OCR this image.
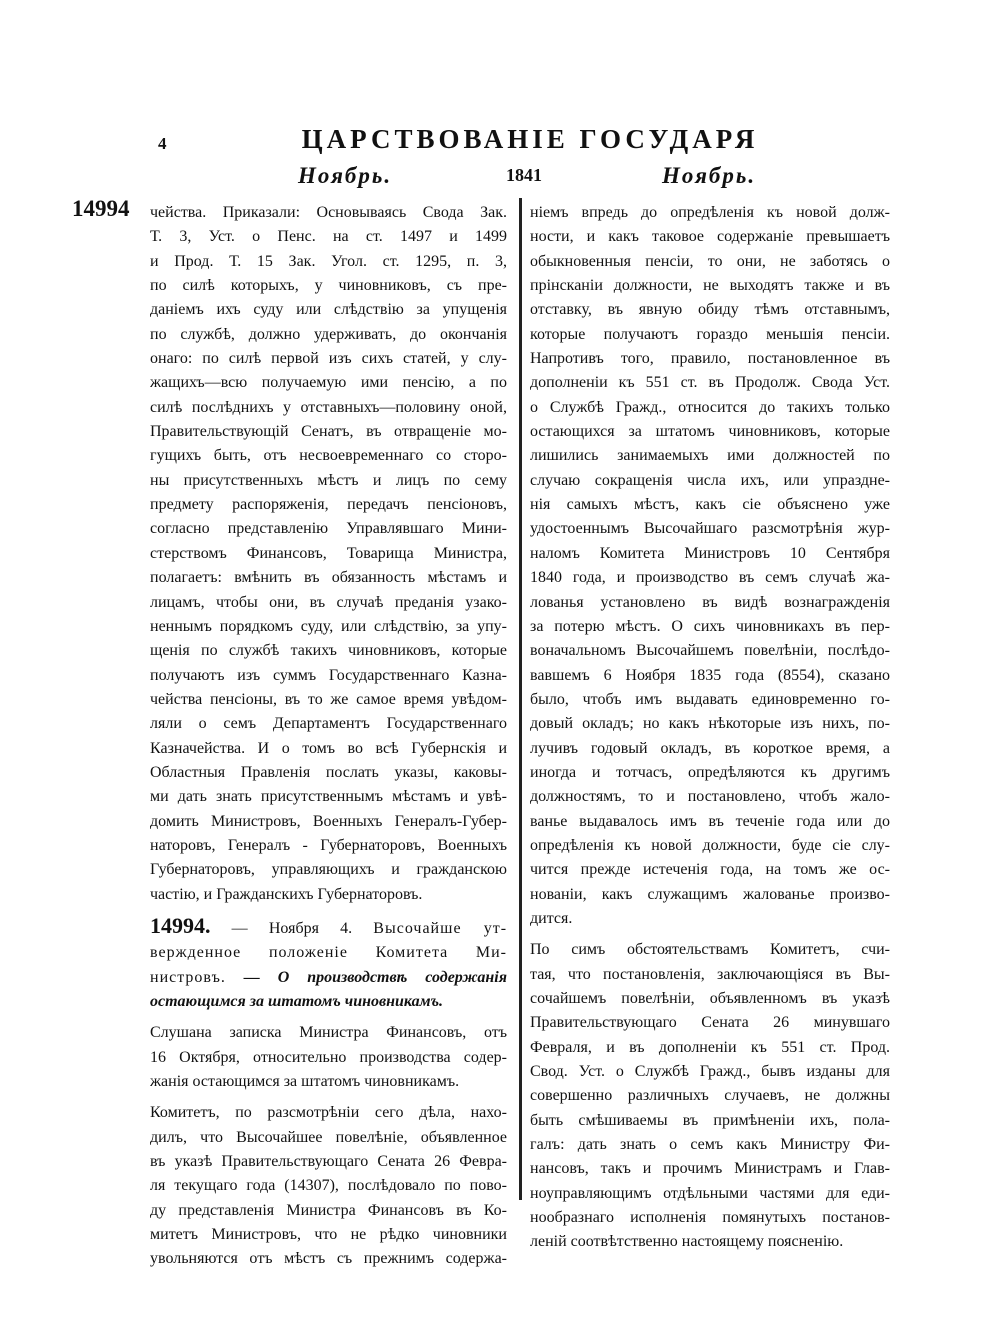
4	ЦАРСТВОВАНІЕ ГОСУДАРЯ
Ноябрь.	1841	Ноябрь.
14994 чейства. Приказали: Основываясь Свода Зак.
Т. 3, Уст. о Пенс. на ст. 1497 и 1499
и Прод. Т. 15 Зак. Угол. ст. 1295, п. 3,
по силѣ которыхъ, у чиновниковъ, съ пре-
даніемъ ихъ суду или слѣдствію за упущенія
по службѣ, должно удерживать, до окончанія
онаго: по силѣ первой изъ сихъ статей, у слу-
жащихъ—всю получаемую ими пенсію, а по
силѣ послѣднихъ у отставныхъ—половину оной,
Правительствующій Сенатъ, въ отвращеніе мо-
гущихъ быть, отъ несвоевременнаго со сторо-
ны присутственныхъ мѣстъ и лицъ по сему
предмету распоряженія, передачъ пенсіоновъ,
согласно представленію Управлявшаго Мини-
стерствомъ Финансовъ, Товарища Министра,
полагаетъ: вмѣнить въ обязанность мѣстамъ и
лицамъ, чтобы они, въ случаѣ преданія узако-
неннымъ порядкомъ суду, или слѣдствію, за упу-
щенія по службѣ такихъ чиновниковъ, которые
получаютъ изъ суммъ Государственнаго Казна-
чейства пенсіоны, въ то же самое время увѣдом-
ляли о семъ Департаментъ Государственнаго
Казначейства. И о томъ во всѣ Губернскія и
Областныя Правленія послать указы, каковы-
ми дать знать присутственнымъ мѣстамъ и увѣ-
домить Министровъ, Военныхъ Генералъ-Губер-
наторовъ, Генералъ - Губернаторовъ, Военныхъ
Губернаторовъ, управляющихъ и гражданскою
частію, и Гражданскихъ Губернаторовъ.
14994. — Ноября 4. Высочайше ут-
вержденное положеніе Комитета Ми-
нистровъ. — О производствѣ содержанія
остающимся за штатомъ чиновникамъ.
Слушана записка Министра Финансовъ, отъ
16 Октября, относительно производства содер-
жанія остающимся за штатомъ чиновникамъ.
Комитетъ, по разсмотрѣніи сего дѣла, нахо-
дилъ, что Высочайшее повелѣніе, объявленное
въ указѣ Правительствующаго Сената 26 Февра-
ля текущаго года (14307), послѣдовало по пово-
ду представленія Министра Финансовъ въ Ко-
митетъ Министровъ, что не рѣдко чиновники
увольняются отъ мѣстъ съ прежнимъ содержа-
ніемъ впредь до опредѣленія къ новой долж-
ности, и какъ таковое содержаніе превышаетъ
обыкновенныя пенсіи, то они, не заботясь о
прінсканіи должности, не выходятъ также и въ
отставку, въ явную обиду тѣмъ отставнымъ,
которые получаютъ гораздо меньшія пенсіи.
Напротивъ того, правило, постановленное въ
дополненіи къ 551 ст. въ Продолж. Свода Уст.
о Службѣ Гражд., относится до такихъ только
остающихся за штатомъ чиновниковъ, которые
лишились занимаемыхъ ими должностей по
случаю сокращенія числа ихъ, или упраздне-
нія самыхъ мѣстъ, какъ сіе объяснено уже
удостоеннымъ Высочайшаго разсмотрѣнія жур-
наломъ Комитета Министровъ 10 Сентября
1840 года, и производство въ семъ случаѣ жа-
лованья установлено въ видѣ вознагражденія
за потерю мѣстъ. О сихъ чиновникахъ въ пер-
воначальномъ Высочайшемъ повелѣніи, послѣдо-
вавшемъ 6 Ноября 1835 года (8554), сказано
было, чтобъ имъ выдавать единовременно го-
довый окладъ; но какъ нѣкоторые изъ нихъ, по-
лучивъ годовый окладъ, въ короткое время, а
иногда и тотчасъ, опредѣляются къ другимъ
должностямъ, то и постановлено, чтобъ жало-
ванье выдавалось имъ въ теченіе года или до
опредѣленія къ новой должности, буде сіе слу-
чится прежде истеченія года, на томъ же ос-
нованіи, какъ служащимъ жалованье произво-
дится.
По симъ обстоятельствамъ Комитетъ, счи-
тая, что постановленія, заключающіяся въ Вы-
сочайшемъ повелѣніи, объявленномъ въ указѣ
Правительствующаго Сената 26 минувшаго
Февраля, и въ дополненіи къ 551 ст. Прод.
Свод. Уст. о Службѣ Гражд., бывъ изданы для
совершенно различныхъ случаевъ, не должны
быть смѣшиваемы въ примѣненіи ихъ, пола-
галъ: дать знать о семъ какъ Министру Фи-
нансовъ, такъ и прочимъ Министрамъ и Глав-
ноуправляющимъ отдѣльными частями для еди-
нообразнаго исполненія помянутыхъ постанов-
леній соотвѣтственно настоящему поясненію.
